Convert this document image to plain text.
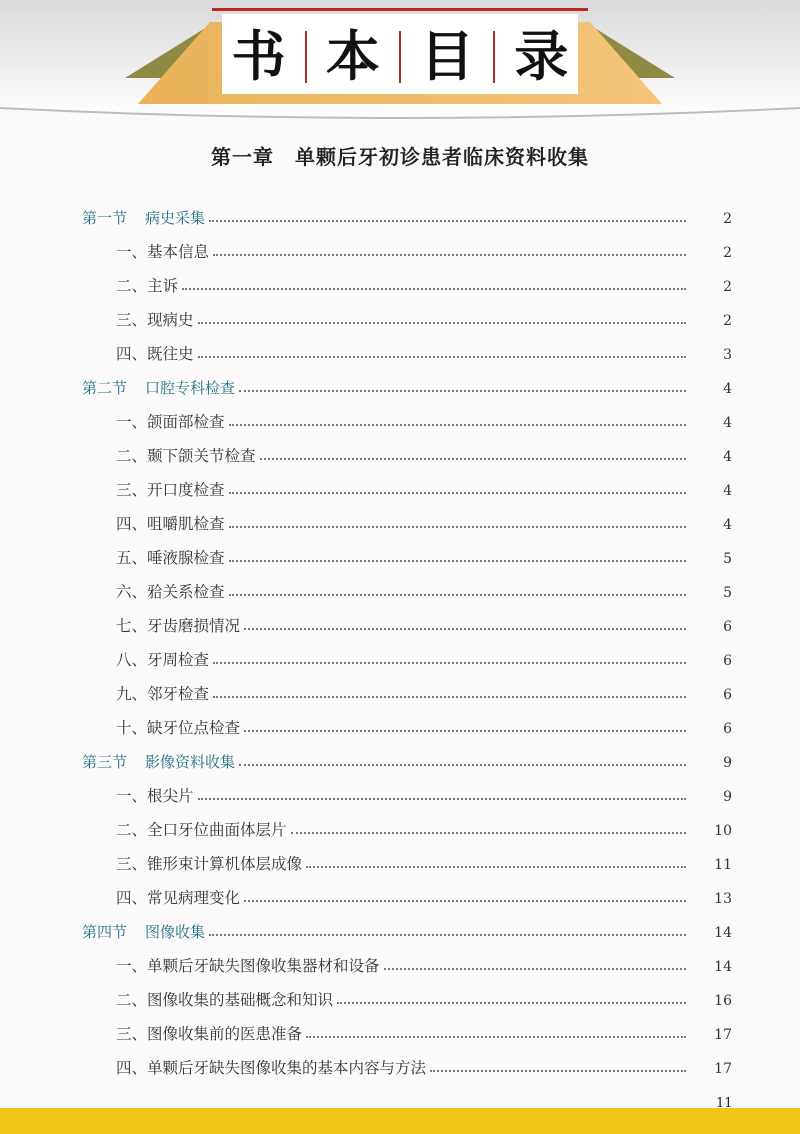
书 本 目 录
第一章　单颗后牙初诊患者临床资料收集
第一节 病史采集	2
一、基本信息	2
二、主诉	2
三、现病史	2
四、既往史	3
第二节 口腔专科检查	4
一、颌面部检查	4
二、颞下颌关节检查	4
三、开口度检查	4
四、咀嚼肌检查	4
五、唾液腺检查	5
六、𬌗关系检查	5
七、牙齿磨损情况	6
八、牙周检查	6
九、邻牙检查	6
十、缺牙位点检查	6
第三节 影像资料收集	9
一、根尖片	9
二、全口牙位曲面体层片	10
三、锥形束计算机体层成像	11
四、常见病理变化	13
第四节 图像收集	14
一、单颗后牙缺失图像收集器材和设备	14
二、图像收集的基础概念和知识	16
三、图像收集前的医患准备	17
四、单颗后牙缺失图像收集的基本内容与方法	17
11
